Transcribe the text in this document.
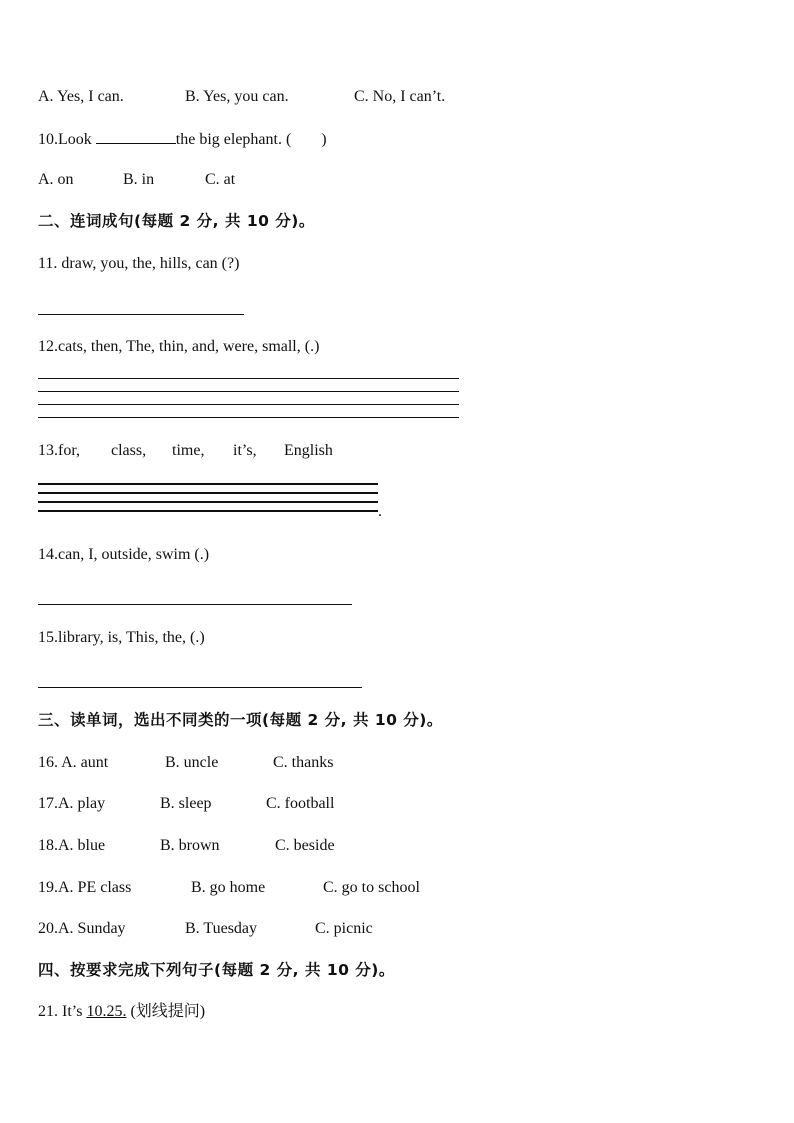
A. Yes, I can.	B. Yes, you can.	C. No, I can’t.
10.Look	the big elephant. ( )
A. on	B. in	C. at
二、连词成句(每题 2 分, 共 10 分)。
11. draw, you, the, hills, can (?)
12.cats, then, The, thin, and, were, small, (.)
13.for, class, time, it’s, English
.
14.can, I, outside, swim (.)
15.library, is, This, the, (.)
三、读单词，选出不同类的一项(每题 2 分, 共 10 分)。
16. A. aunt	B. uncle	C. thanks
17.A. play	B. sleep	C. football
18.A. blue	B. brown	C. beside
19.A. PE class	B. go home	C. go to school
20.A. Sunday	B. Tuesday	C. picnic
四、按要求完成下列句子(每题 2 分, 共 10 分)。
21. It’s 10.25. (划线提问)
